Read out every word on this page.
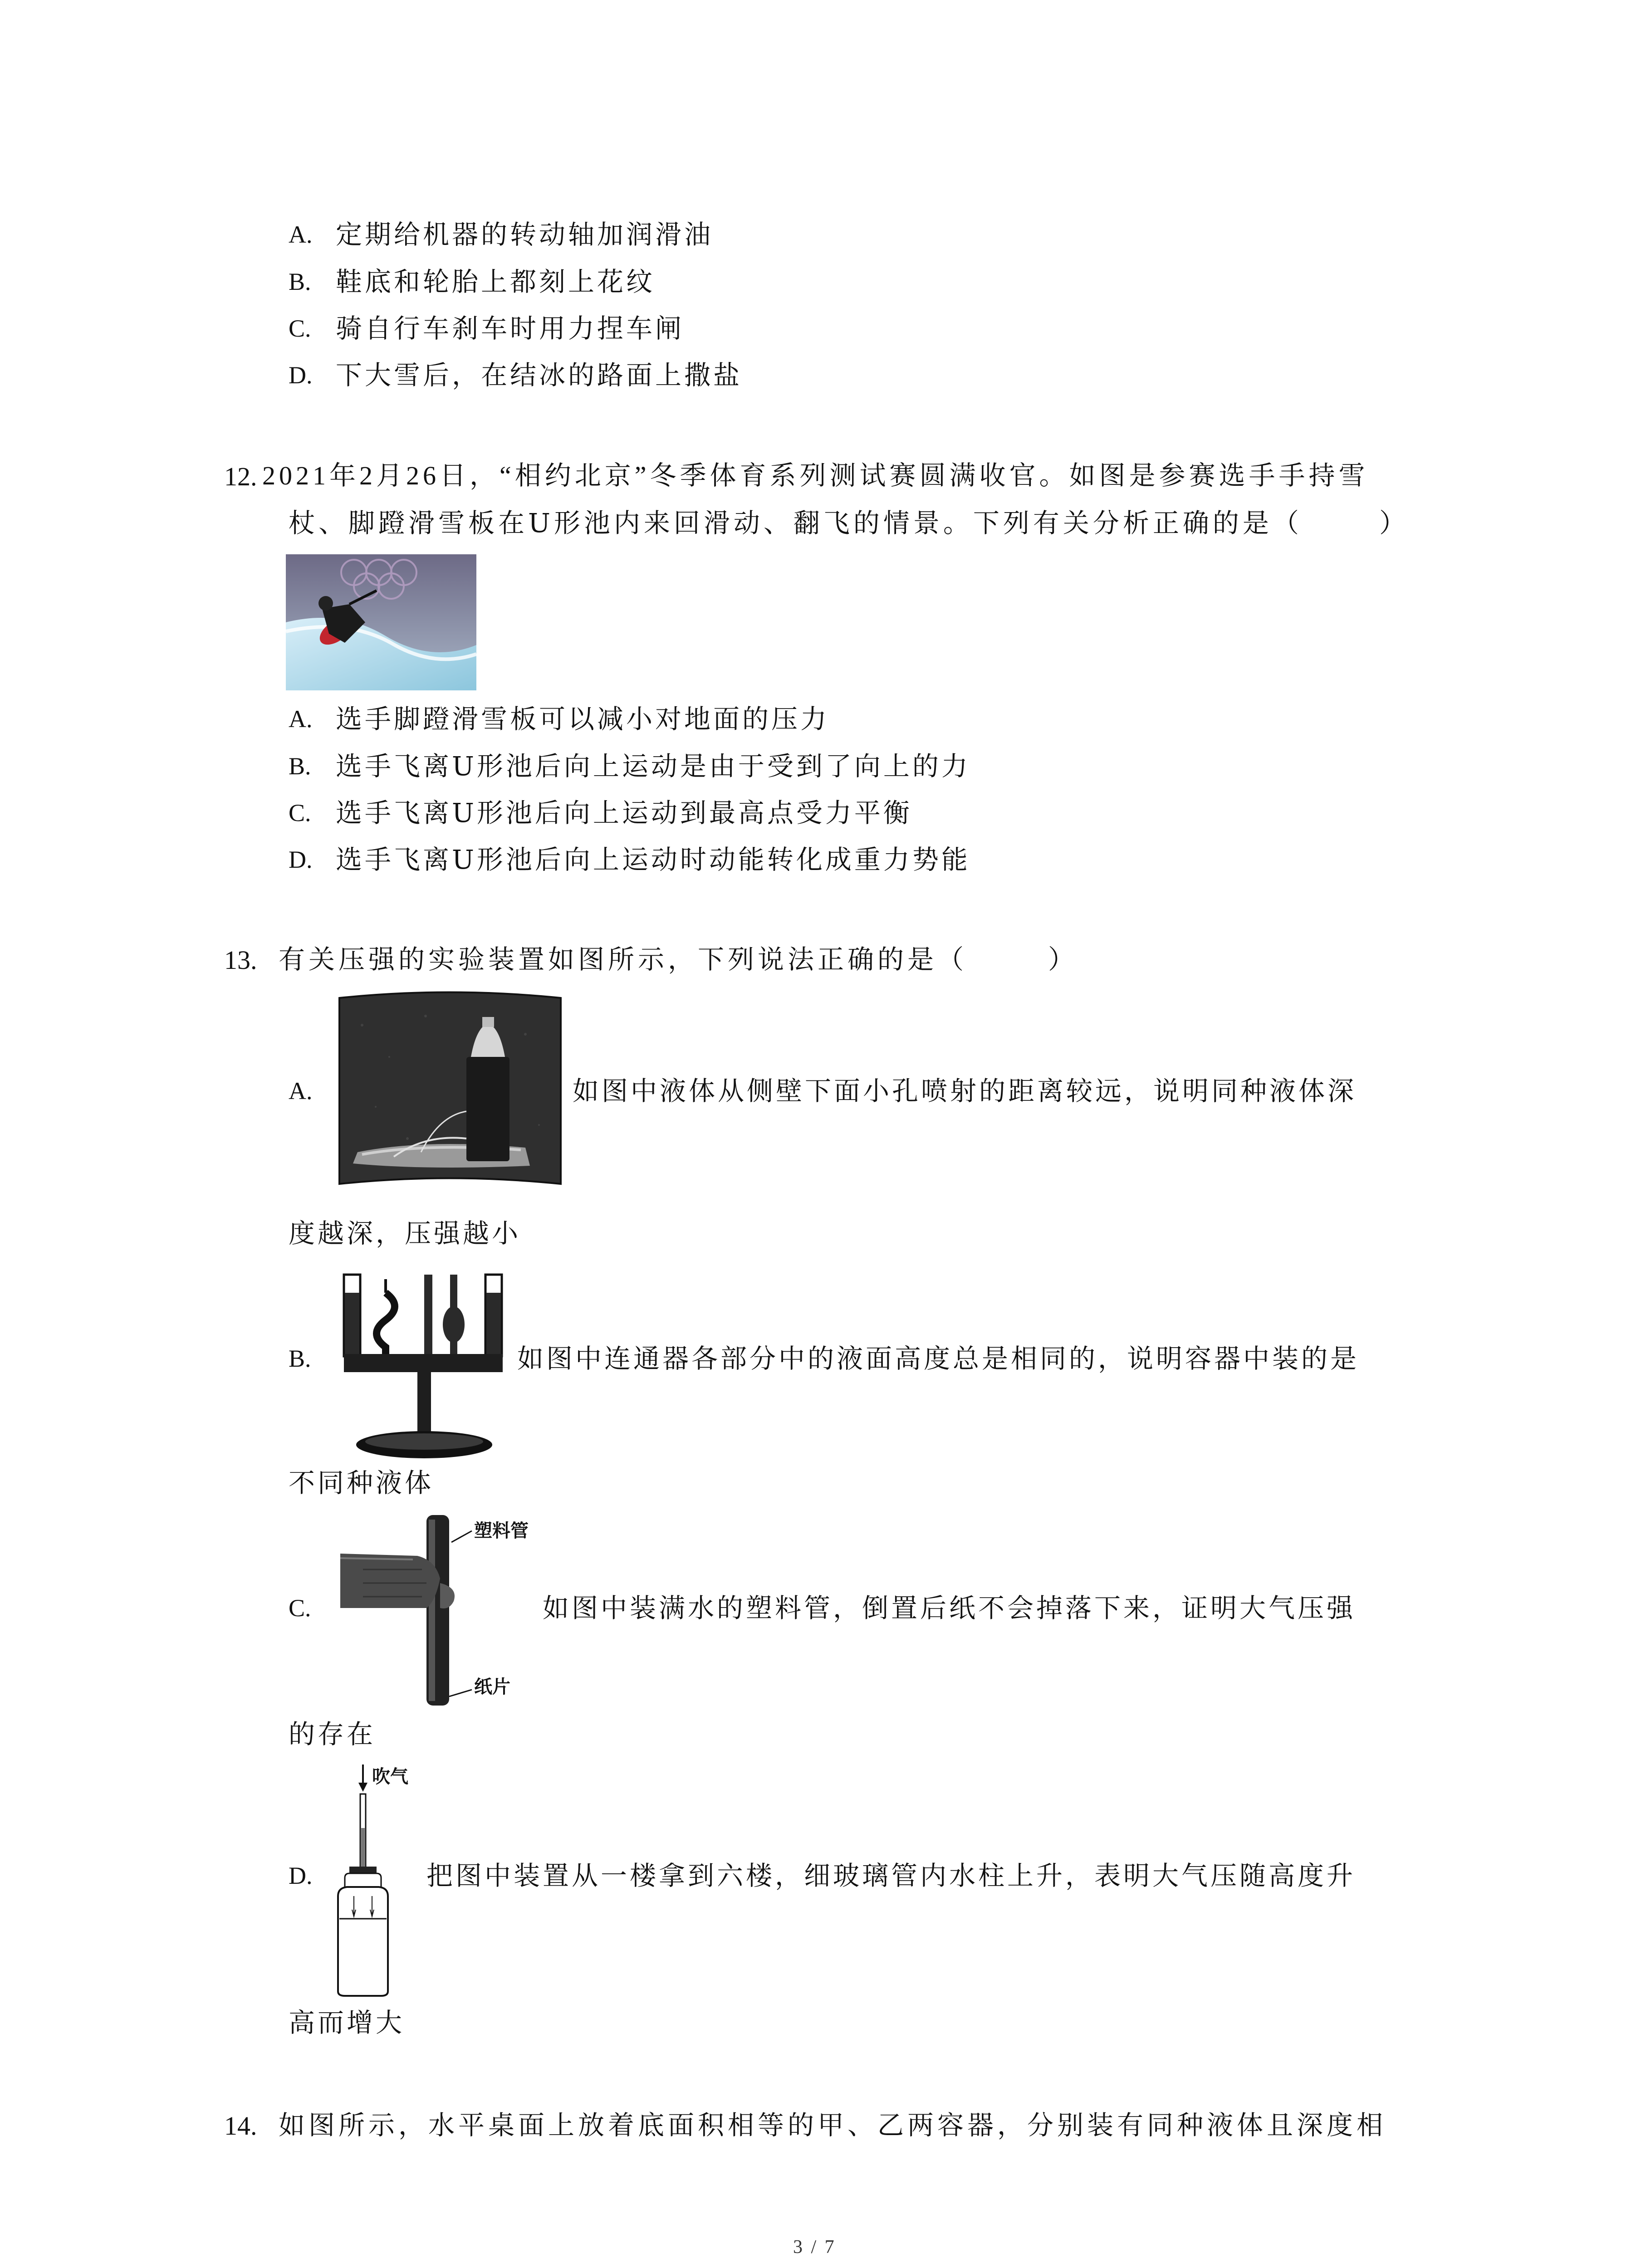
A. 定期给机器的转动轴加润滑油
B. 鞋底和轮胎上都刻上花纹
C. 骑自行车刹车时用力捏车闸
D. 下大雪后，在结冰的路面上撒盐
12. 2021年2月26日，“相约北京”冬季体育系列测试赛圆满收官。如图是参赛选手手持雪
杖、脚蹬滑雪板在U形池内来回滑动、翻飞的情景。下列有关分析正确的是（	）
A. 选手脚蹬滑雪板可以减小对地面的压力
B. 选手飞离U形池后向上运动是由于受到了向上的力
C. 选手飞离U形池后向上运动到最高点受力平衡
D. 选手飞离U形池后向上运动时动能转化成重力势能
13. 有关压强的实验装置如图所示，下列说法正确的是（	）
A.	如图中液体从侧壁下面小孔喷射的距离较远，说明同种液体深
度越深，压强越小
B.	如图中连通器各部分中的液面高度总是相同的，说明容器中装的是
不同种液体
塑料管
纸片
C.	如图中装满水的塑料管，倒置后纸不会掉落下来，证明大气压强
的存在
吹气
D.	把图中装置从一楼拿到六楼，细玻璃管内水柱上升，表明大气压随高度升
高而增大
14. 如图所示，水平桌面上放着底面积相等的甲、乙两容器，分别装有同种液体且深度相
3 / 7
